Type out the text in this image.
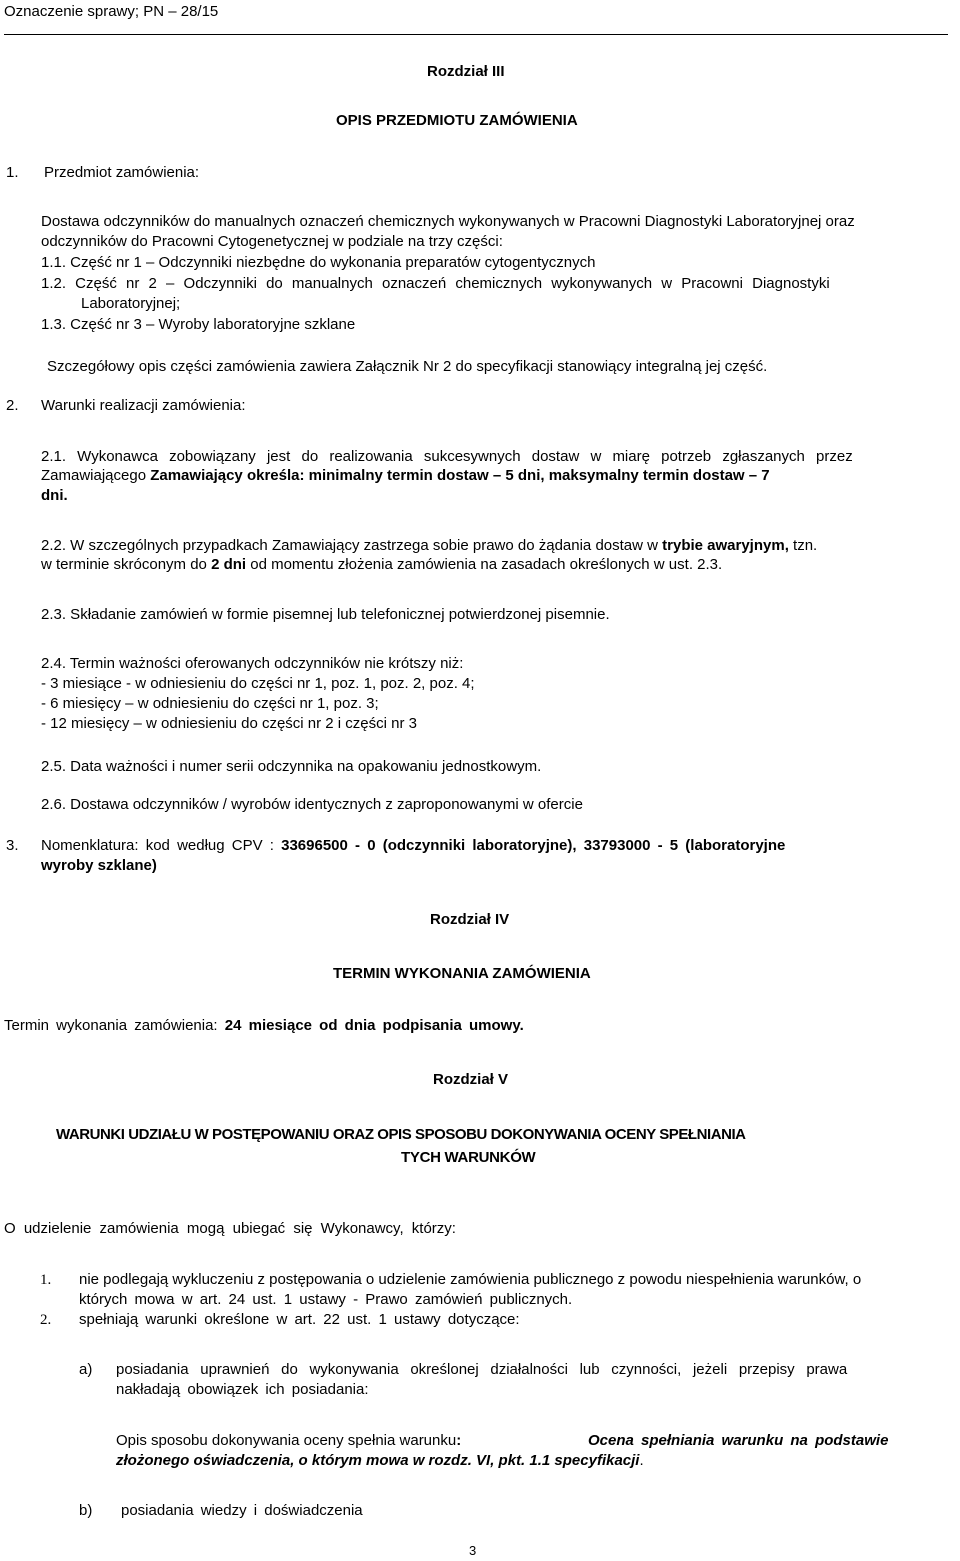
Oznaczenie sprawy; PN – 28/15
Rozdział III
OPIS PRZEDMIOTU ZAMÓWIENIA
1. Przedmiot zamówienia:
Dostawa odczynników do manualnych oznaczeń chemicznych wykonywanych w Pracowni Diagnostyki Laboratoryjnej oraz
odczynników do Pracowni Cytogenetycznej w podziale na trzy części:
1.1. Część nr 1 – Odczynniki niezbędne do wykonania preparatów cytogentycznych
1.2. Część nr 2 – Odczynniki do manualnych oznaczeń chemicznych wykonywanych w Pracowni Diagnostyki
Laboratoryjnej;
1.3. Część nr 3 – Wyroby laboratoryjne szklane
Szczegółowy opis części zamówienia zawiera Załącznik Nr 2 do specyfikacji stanowiący integralną jej część.
2. Warunki realizacji zamówienia:
2.1. Wykonawca zobowiązany jest do realizowania sukcesywnych dostaw w miarę potrzeb zgłaszanych przez
Zamawiającego Zamawiający określa: minimalny termin dostaw – 5 dni, maksymalny termin dostaw – 7
dni.
2.2. W szczególnych przypadkach Zamawiający zastrzega sobie prawo do żądania dostaw w trybie awaryjnym, tzn.
w terminie skróconym do 2 dni od momentu złożenia zamówienia na zasadach określonych w ust. 2.3.
2.3. Składanie zamówień w formie pisemnej lub telefonicznej potwierdzonej pisemnie.
2.4. Termin ważności oferowanych odczynników nie krótszy niż:
- 3 miesiące - w odniesieniu do części nr 1, poz. 1, poz. 2, poz. 4;
- 6 miesięcy – w odniesieniu do części nr 1, poz. 3;
- 12 miesięcy – w odniesieniu do części nr 2 i części nr 3
2.5. Data ważności i numer serii odczynnika na opakowaniu jednostkowym.
2.6. Dostawa odczynników / wyrobów identycznych z zaproponowanymi w ofercie
3. Nomenklatura: kod według CPV : 33696500 - 0 (odczynniki laboratoryjne), 33793000 - 5 (laboratoryjne
wyroby szklane)
Rozdział IV
TERMIN WYKONANIA ZAMÓWIENIA
Termin wykonania zamówienia: 24 miesiące od dnia podpisania umowy.
Rozdział V
WARUNKI UDZIAŁU W POSTĘPOWANIU ORAZ OPIS SPOSOBU DOKONYWANIA OCENY SPEŁNIANIA
TYCH WARUNKÓW
O udzielenie zamówienia mogą ubiegać się Wykonawcy, którzy:
1. nie podlegają wykluczeniu z postępowania o udzielenie zamówienia publicznego z powodu niespełnienia warunków, o
których mowa w art. 24 ust. 1 ustawy - Prawo zamówień publicznych.
2. spełniają warunki określone w art. 22 ust. 1 ustawy dotyczące:
a) posiadania uprawnień do wykonywania określonej działalności lub czynności, jeżeli przepisy prawa
nakładają obowiązek ich posiadania:
Opis sposobu dokonywania oceny spełnia warunku:	Ocena spełniania warunku na podstawie
złożonego oświadczenia, o którym mowa w rozdz. VI, pkt. 1.1 specyfikacji.
b) posiadania wiedzy i doświadczenia
3
